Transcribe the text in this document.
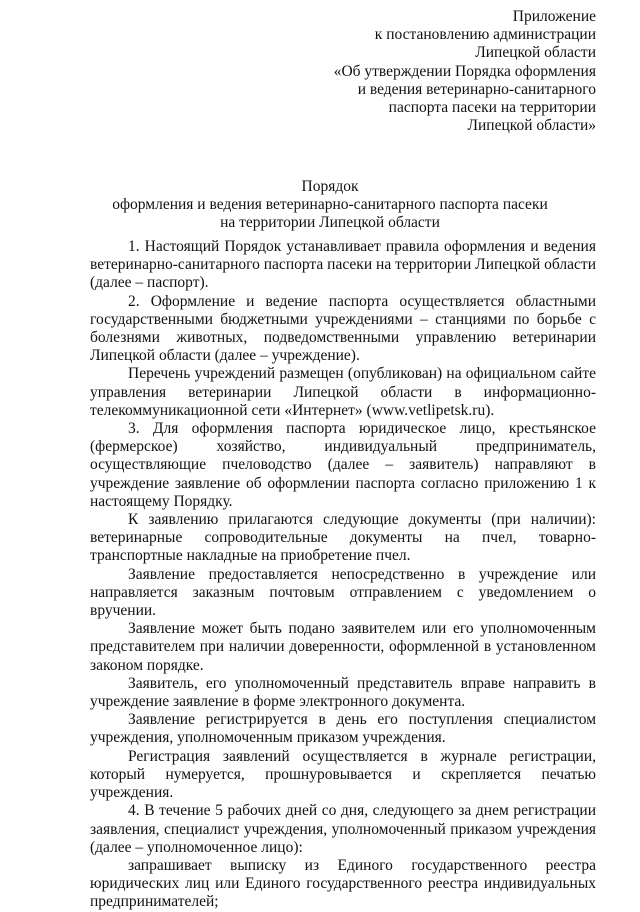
Приложение
к постановлению администрации
Липецкой области
«Об утверждении Порядка оформления
и ведения ветеринарно-санитарного
паспорта пасеки на территории
Липецкой области»
Порядок
оформления и ведения ветеринарно-санитарного паспорта пасеки
на территории Липецкой области

1. Настоящий Порядок устанавливает правила оформления и ведения ветеринарно-санитарного паспорта пасеки на территории Липецкой области (далее – паспорт).

2. Оформление и ведение паспорта осуществляется областными государственными бюджетными учреждениями – станциями по борьбе с болезнями животных, подведомственными управлению ветеринарии Липецкой области (далее – учреждение).

Перечень учреждений размещен (опубликован) на официальном сайте управления ветеринарии Липецкой области в информационно-телекоммуникационной сети «Интернет» (www.vetlipetsk.ru).

3. Для оформления паспорта юридическое лицо, крестьянское (фермерское) хозяйство, индивидуальный предприниматель, осуществляющие пчеловодство (далее – заявитель) направляют в учреждение заявление об оформлении паспорта согласно приложению 1 к настоящему Порядку.

К заявлению прилагаются следующие документы (при наличии): ветеринарные сопроводительные документы на пчел, товарно-транспортные накладные на приобретение пчел.

Заявление предоставляется непосредственно в учреждение или направляется заказным почтовым отправлением с уведомлением о вручении.

Заявление может быть подано заявителем или его уполномоченным представителем при наличии доверенности, оформленной в установленном законом порядке.

Заявитель, его уполномоченный представитель вправе направить в учреждение заявление в форме электронного документа.

Заявление регистрируется в день его поступления специалистом учреждения, уполномоченным приказом учреждения.

Регистрация заявлений осуществляется в журнале регистрации, который нумеруется, прошнуровывается и скрепляется печатью учреждения.

4. В течение 5 рабочих дней со дня, следующего за днем регистрации заявления, специалист учреждения, уполномоченный приказом учреждения (далее – уполномоченное лицо):

запрашивает выписку из Единого государственного реестра юридических лиц или Единого государственного реестра индивидуальных предпринимателей;
